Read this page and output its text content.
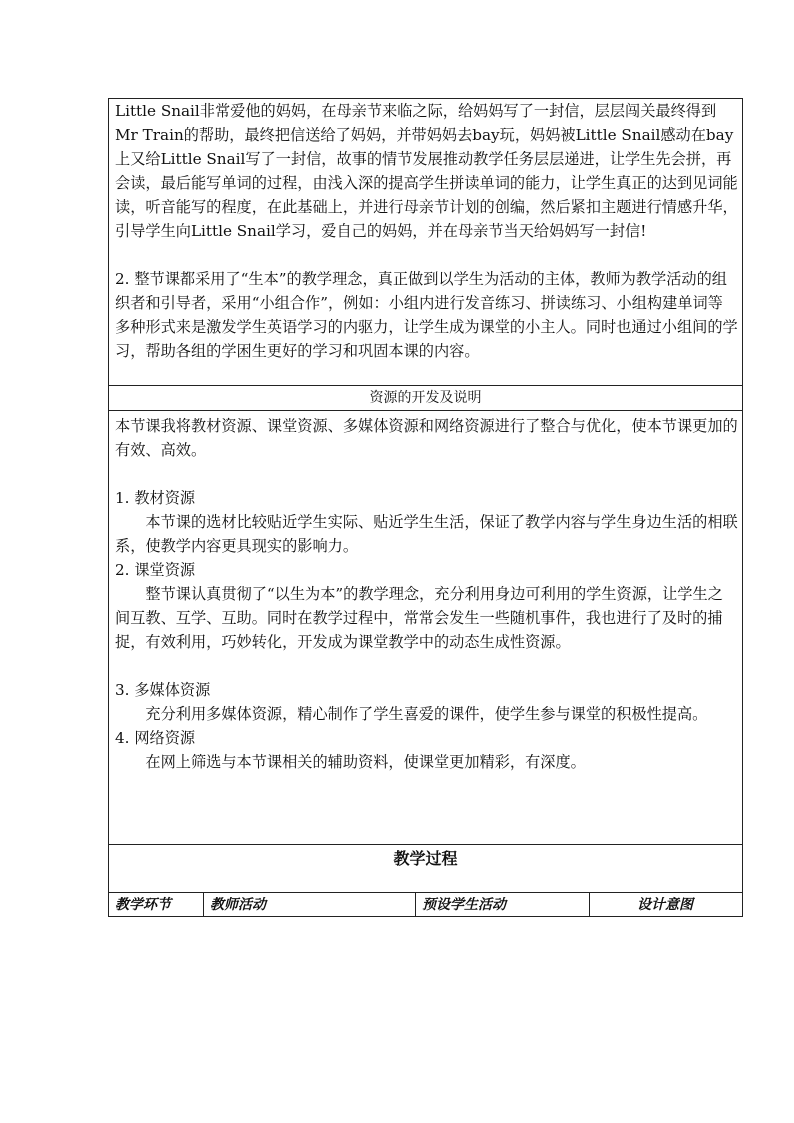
Little Snail非常爱他的妈妈，在母亲节来临之际，给妈妈写了一封信，层层闯关最终得到Mr Train的帮助，最终把信送给了妈妈，并带妈妈去bay玩，妈妈被Little Snail感动在bay上又给Little Snail写了一封信，故事的情节发展推动教学任务层层递进，让学生先会拼，再会读，最后能写单词的过程，由浅入深的提高学生拼读单词的能力，让学生真正的达到见词能读，听音能写的程度，在此基础上，并进行母亲节计划的创编，然后紧扣主题进行情感升华，引导学生向Little Snail学习，爱自己的妈妈，并在母亲节当天给妈妈写一封信!

2. 整节课都采用了“生本”的教学理念，真正做到以学生为活动的主体，教师为教学活动的组织者和引导者，采用“小组合作”，例如：小组内进行发音练习、拼读练习、小组构建单词等多种形式来是激发学生英语学习的内驱力，让学生成为课堂的小主人。同时也通过小组间的学习，帮助各组的学困生更好的学习和巩固本课的内容。

资源的开发及说明

本节课我将教材资源、课堂资源、多媒体资源和网络资源进行了整合与优化，使本节课更加的有效、高效。

1. 教材资源

本节课的选材比较贴近学生实际、贴近学生生活，保证了教学内容与学生身边生活的相联系，使教学内容更具现实的影响力。

2. 课堂资源

整节课认真贯彻了“以生为本”的教学理念，充分利用身边可利用的学生资源，让学生之间互教、互学、互助。同时在教学过程中，常常会发生一些随机事件，我也进行了及时的捕捉，有效利用，巧妙转化，开发成为课堂教学中的动态生成性资源。

3. 多媒体资源

充分利用多媒体资源，精心制作了学生喜爱的课件，使学生参与课堂的积极性提高。

4. 网络资源

在网上筛选与本节课相关的辅助资料，使课堂更加精彩，有深度。

教学过程
教学环节	教师活动	预设学生活动	设计意图
